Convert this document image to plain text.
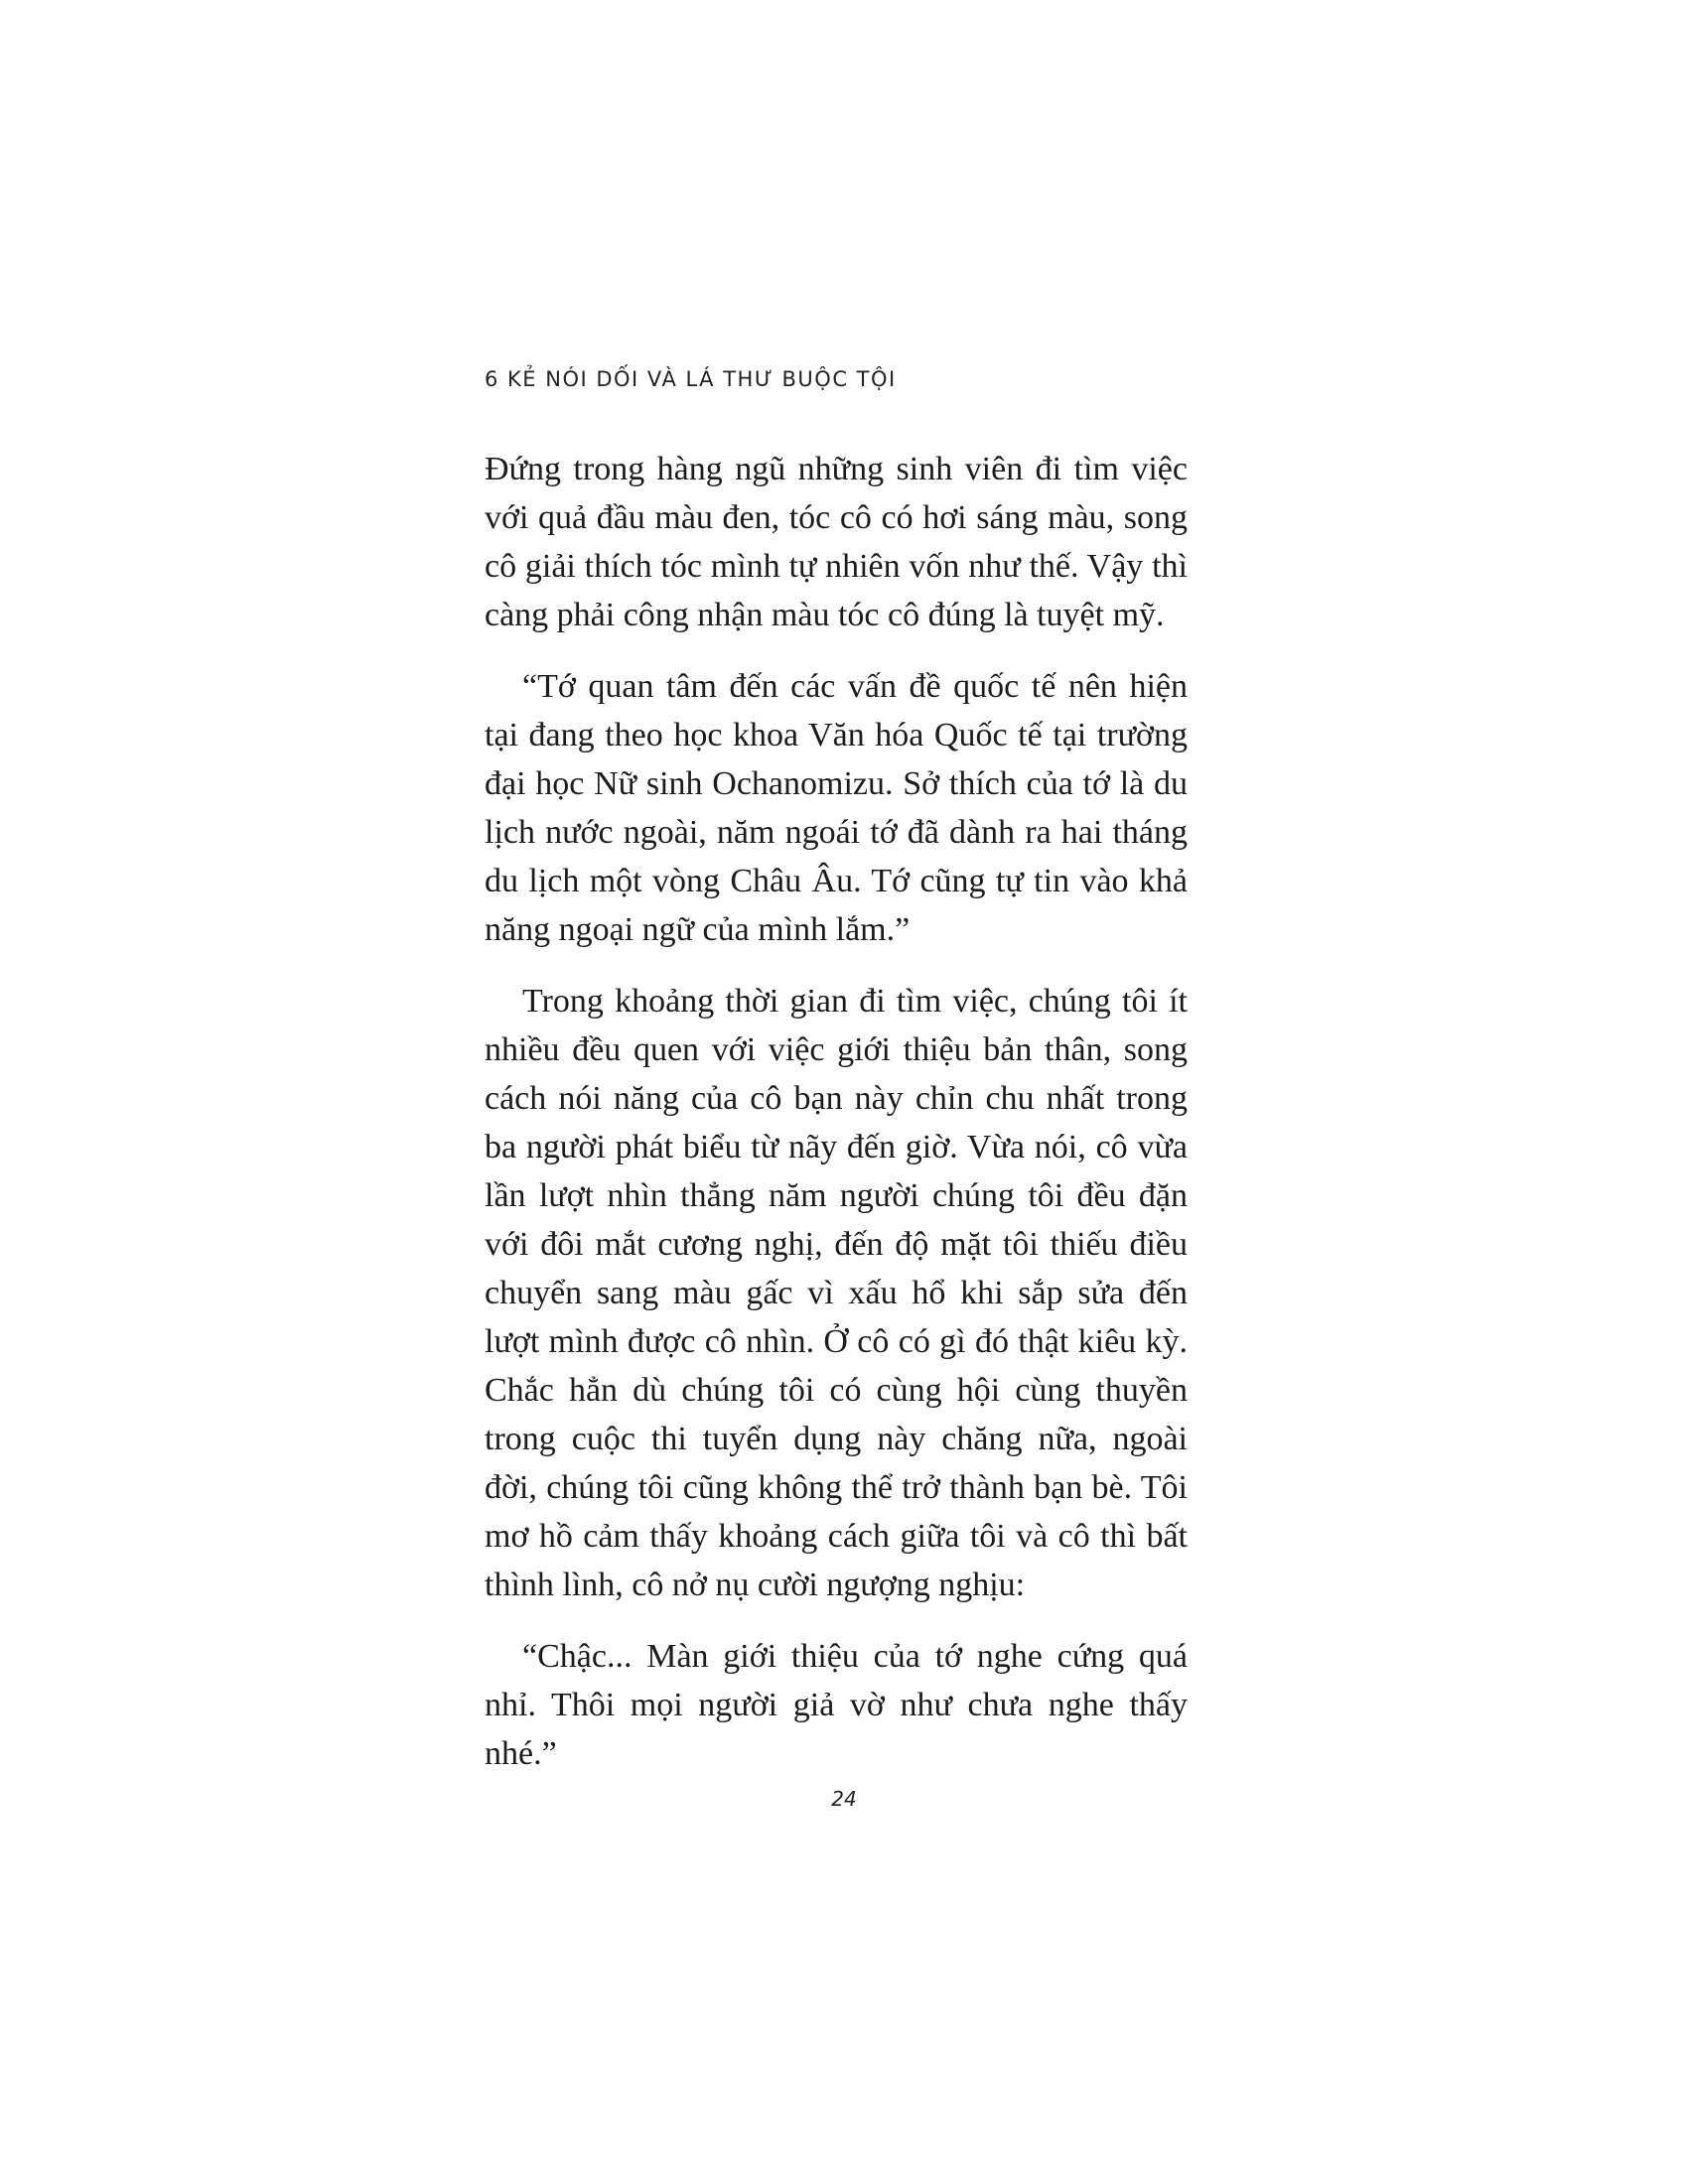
6 KẺ NÓI DỐI VÀ LÁ THƯ BUỘC TỘI

Đứng trong hàng ngũ những sinh viên đi tìm việc với quả đầu màu đen, tóc cô có hơi sáng màu, song cô giải thích tóc mình tự nhiên vốn như thế. Vậy thì càng phải công nhận màu tóc cô đúng là tuyệt mỹ.

“Tớ quan tâm đến các vấn đề quốc tế nên hiện tại đang theo học khoa Văn hóa Quốc tế tại trường đại học Nữ sinh Ochanomizu. Sở thích của tớ là du lịch nước ngoài, năm ngoái tớ đã dành ra hai tháng du lịch một vòng Châu Âu. Tớ cũng tự tin vào khả năng ngoại ngữ của mình lắm.”

Trong khoảng thời gian đi tìm việc, chúng tôi ít nhiều đều quen với việc giới thiệu bản thân, song cách nói năng của cô bạn này chỉn chu nhất trong ba người phát biểu từ nãy đến giờ. Vừa nói, cô vừa lần lượt nhìn thẳng năm người chúng tôi đều đặn với đôi mắt cương nghị, đến độ mặt tôi thiếu điều chuyển sang màu gấc vì xấu hổ khi sắp sửa đến lượt mình được cô nhìn. Ở cô có gì đó thật kiêu kỳ. Chắc hẳn dù chúng tôi có cùng hội cùng thuyền trong cuộc thi tuyển dụng này chăng nữa, ngoài đời, chúng tôi cũng không thể trở thành bạn bè. Tôi mơ hồ cảm thấy khoảng cách giữa tôi và cô thì bất thình lình, cô nở nụ cười ngượng nghịu:

“Chậc... Màn giới thiệu của tớ nghe cứng quá nhỉ. Thôi mọi người giả vờ như chưa nghe thấy nhé.”

24
